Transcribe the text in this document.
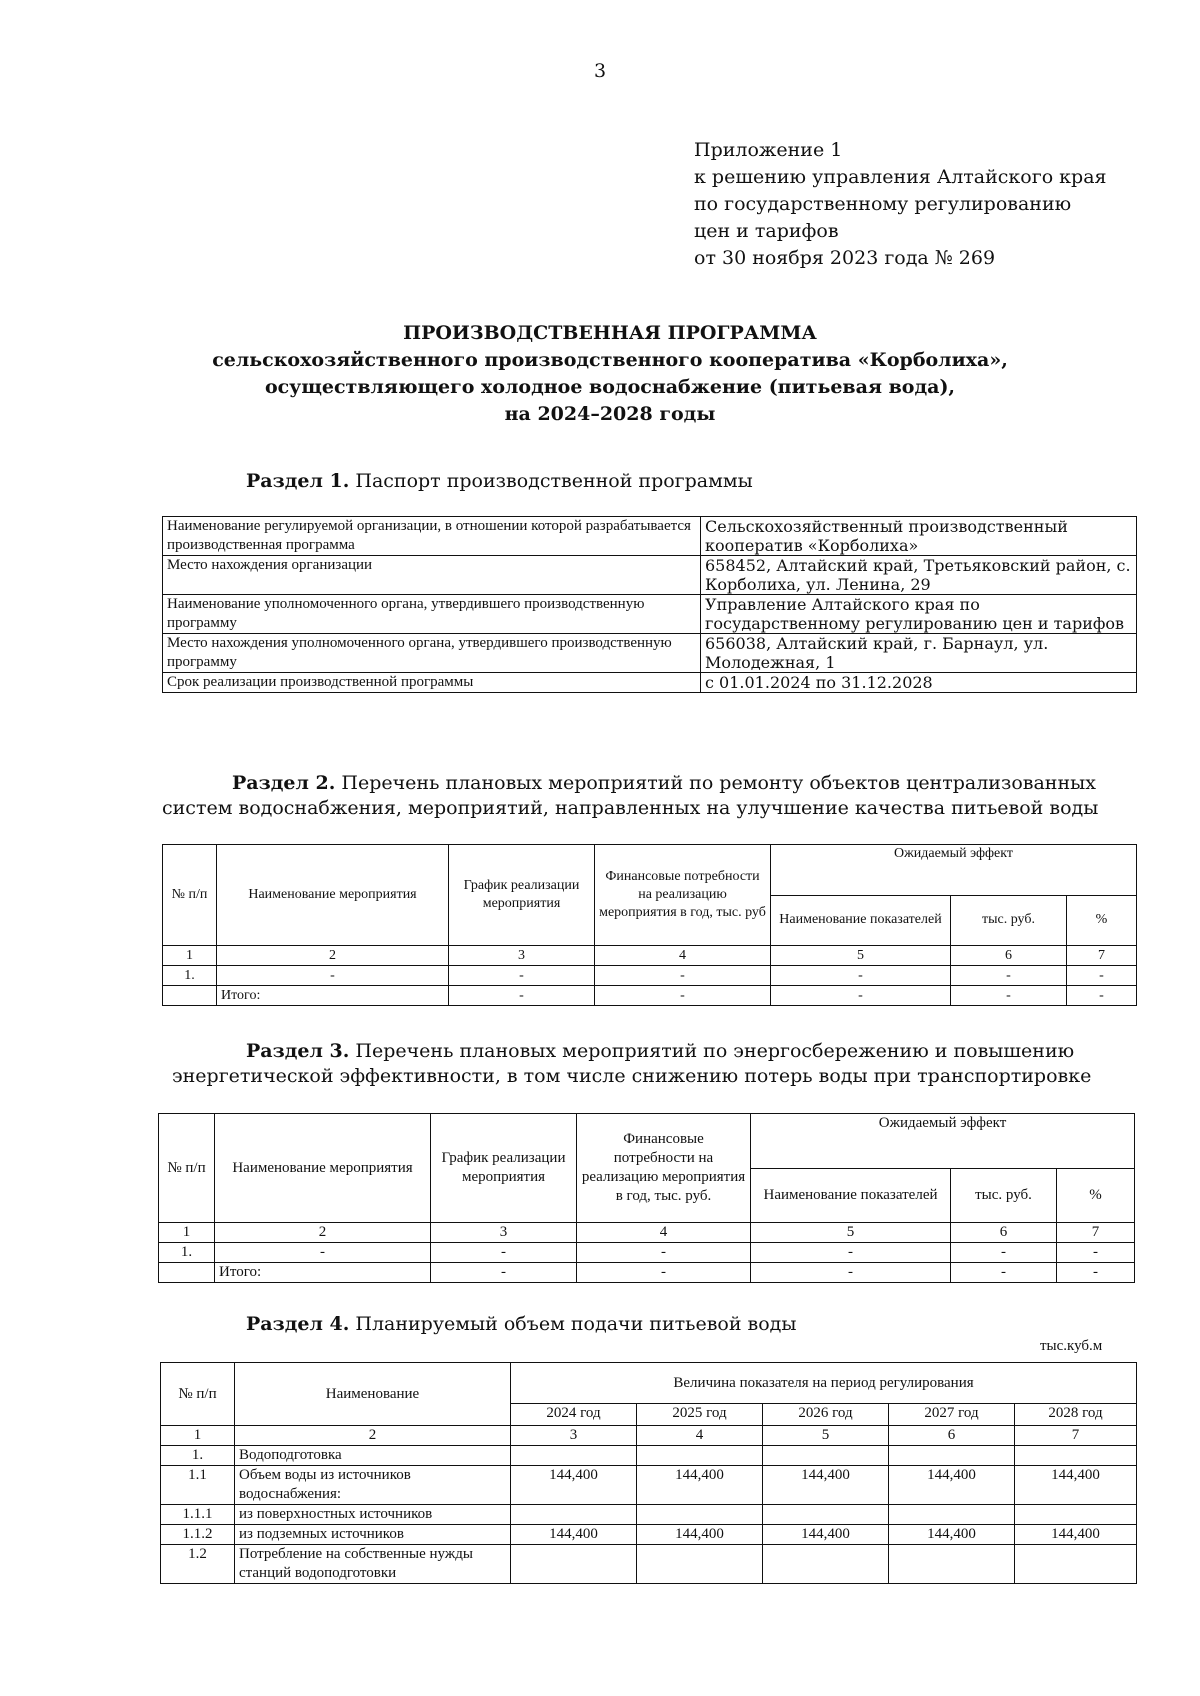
3
Приложение 1
к решению управления Алтайского края
по государственному регулированию
цен и тарифов
от 30 ноября 2023 года № 269
ПРОИЗВОДСТВЕННАЯ ПРОГРАММА
сельскохозяйственного производственного кооператива «Корболиха»,
осуществляющего холодное водоснабжение (питьевая вода),
на 2024–2028 годы
Раздел 1. Паспорт производственной программы
Наименование регулируемой организации, в отношении которой разрабатывается производственная программа	Сельскохозяйственный производственный кооператив «Корболиха»
Место нахождения организации	658452, Алтайский край, Третьяковский район, с. Корболиха, ул. Ленина, 29
Наименование уполномоченного органа, утвердившего производственную программу	Управление Алтайского края по государственному регулированию цен и тарифов
Место нахождения уполномоченного органа, утвердившего производственную программу	656038, Алтайский край, г. Барнаул, ул. Молодежная, 1
Срок реализации производственной программы	с 01.01.2024 по 31.12.2028
Раздел 2. Перечень плановых мероприятий по ремонту объектов централизованных
систем водоснабжения, мероприятий, направленных на улучшение качества питьевой воды
№ п/п	Наименование мероприятия	График реализации мероприятия	Финансовые потребности на реализацию мероприятия в год, тыс. руб	Ожидаемый эффект		
				Наименование показателей	тыс. руб.	%
1	2	3	4	5	6	7
1.	-	-	-	-	-	-
	Итого:	-	-	-	-	-
Раздел 3. Перечень плановых мероприятий по энергосбережению и повышению
энергетической эффективности, в том числе снижению потерь воды при транспортировке
№ п/п	Наименование мероприятия	График реализации мероприятия	Финансовые потребности на реализацию мероприятия в год, тыс. руб.	Ожидаемый эффект		
				Наименование показателей	тыс. руб.	%
1	2	3	4	5	6	7
1.	-	-	-	-	-	-
	Итого:	-	-	-	-	-
Раздел 4. Планируемый объем подачи питьевой воды
тыс.куб.м
№ п/п	Наименование	Величина показателя на период регулирования				
		2024 год	2025 год	2026 год	2027 год	2028 год
1	2	3	4	5	6	7
1.	Водоподготовка					
1.1	Объем воды из источников водоснабжения:	144,400	144,400	144,400	144,400	144,400
1.1.1	из поверхностных источников					
1.1.2	из подземных источников	144,400	144,400	144,400	144,400	144,400
1.2	Потребление на собственные нужды станций водоподготовки					
